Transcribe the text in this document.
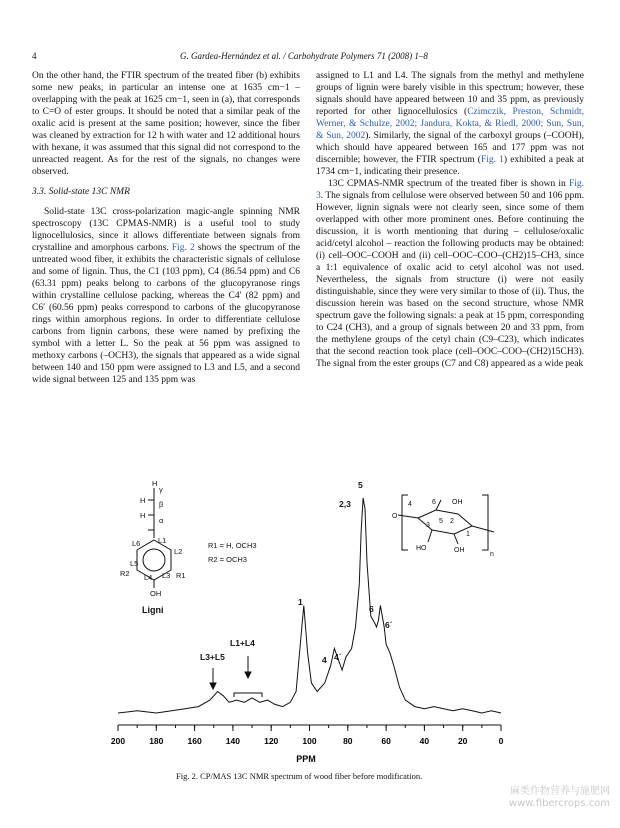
4	G. Gardea-Hernández et al. / Carbohydrate Polymers 71 (2008) 1–8

On the other hand, the FTIR spectrum of the treated fiber (b) exhibits some new peaks, in particular an intense one at 1635 cm−1 – overlapping with the peak at 1625 cm−1, seen in (a), that corresponds to C=O of ester groups. It should be noted that a similar peak of the oxalic acid is present at the same position; however, since the fiber was cleaned by extraction for 12 h with water and 12 additional hours with hexane, it was assumed that this signal did not correspond to the unreacted reagent. As for the rest of the signals, no changes were observed.

3.3. Solid-state 13C NMR

Solid-state 13C cross-polarization magic-angle spinning NMR spectroscopy (13C CPMAS-NMR) is a useful tool to study lignocellulosics, since it allows differentiate between signals from crystalline and amorphous carbons. Fig. 2 shows the spectrum of the untreated wood fiber, it exhibits the characteristic signals of cellulose and some of lignin. Thus, the C1 (103 ppm), C4 (86.54 ppm) and C6 (63.31 ppm) peaks belong to carbons of the glucopyranose rings within crystalline cellulose packing, whereas the C4′ (82 ppm) and C6′ (60.56 ppm) peaks correspond to carbons of the glucopyranose rings within amorphous regions. In order to differentiate cellulose carbons from lignin carbons, these were named by prefixing the symbol with a letter L. So the peak at 56 ppm was assigned to methoxy carbons (–OCH3), the signals that appeared as a wide signal between 140 and 150 ppm were assigned to L3 and L5, and a second wide signal between 125 and 135 ppm was

assigned to L1 and L4. The signals from the methyl and methylene groups of lignin were barely visible in this spectrum; however, these signals should have appeared between 10 and 35 ppm, as previously reported for other lignocellulosics (Czimczik, Preston, Schmidt, Werner, & Schulze, 2002; Jandura, Kokta, & Riedl, 2000; Sun, Sun, & Sun, 2002). Similarly, the signal of the carboxyl groups (–COOH), which should have appeared between 165 and 177 ppm was not discernible; however, the FTIR spectrum (Fig. 1) exhibited a peak at 1734 cm−1, indicating their presence.

13C CPMAS-NMR spectrum of the treated fiber is shown in Fig. 3. The signals from cellulose were observed between 50 and 106 ppm. However, lignin signals were not clearly seen, since some of them overlapped with other more prominent ones. Before continuing the discussion, it is worth mentioning that during – cellulose/oxalic acid/cetyl alcohol – reaction the following products may be obtained: (i) cell–OOC–COOH and (ii) cell–OOC–COO–(CH2)15–CH3, since a 1:1 equivalence of oxalic acid to cetyl alcohol was not used. Nevertheless, the signals from structure (i) were not easily distinguishable, since they were very similar to those of (ii). Thus, the discussion herein was based on the second structure, whose NMR spectrum gave the following signals: a peak at 15 ppm, corresponding to C24 (CH3), and a group of signals between 20 and 33 ppm, from the methylene groups of the cetyl chain (C9–C23), which indicates that the second reaction took place (cell–OOC–COO–(CH2)15CH3). The signal from the ester groups (C7 and C8) appeared as a wide peak

H
γ
H β
H
α
L1
L2
L3
L4
L5
L6
R1
R2
OH
Ligni
R1 = H, OCH3
R2 = OCH3
O
4	6 OH
3
5 2
1
HO	OH
n
5
2,3
1
6
6´
4 4´
L1+L4
L3+L5
200	180	160	140	120	100	80	60	40	20	0
PPM
Fig. 2. CP/MAS 13C NMR spectrum of wood fiber before modification.
麻类作物营养与施肥网
www.fibercrops.com
